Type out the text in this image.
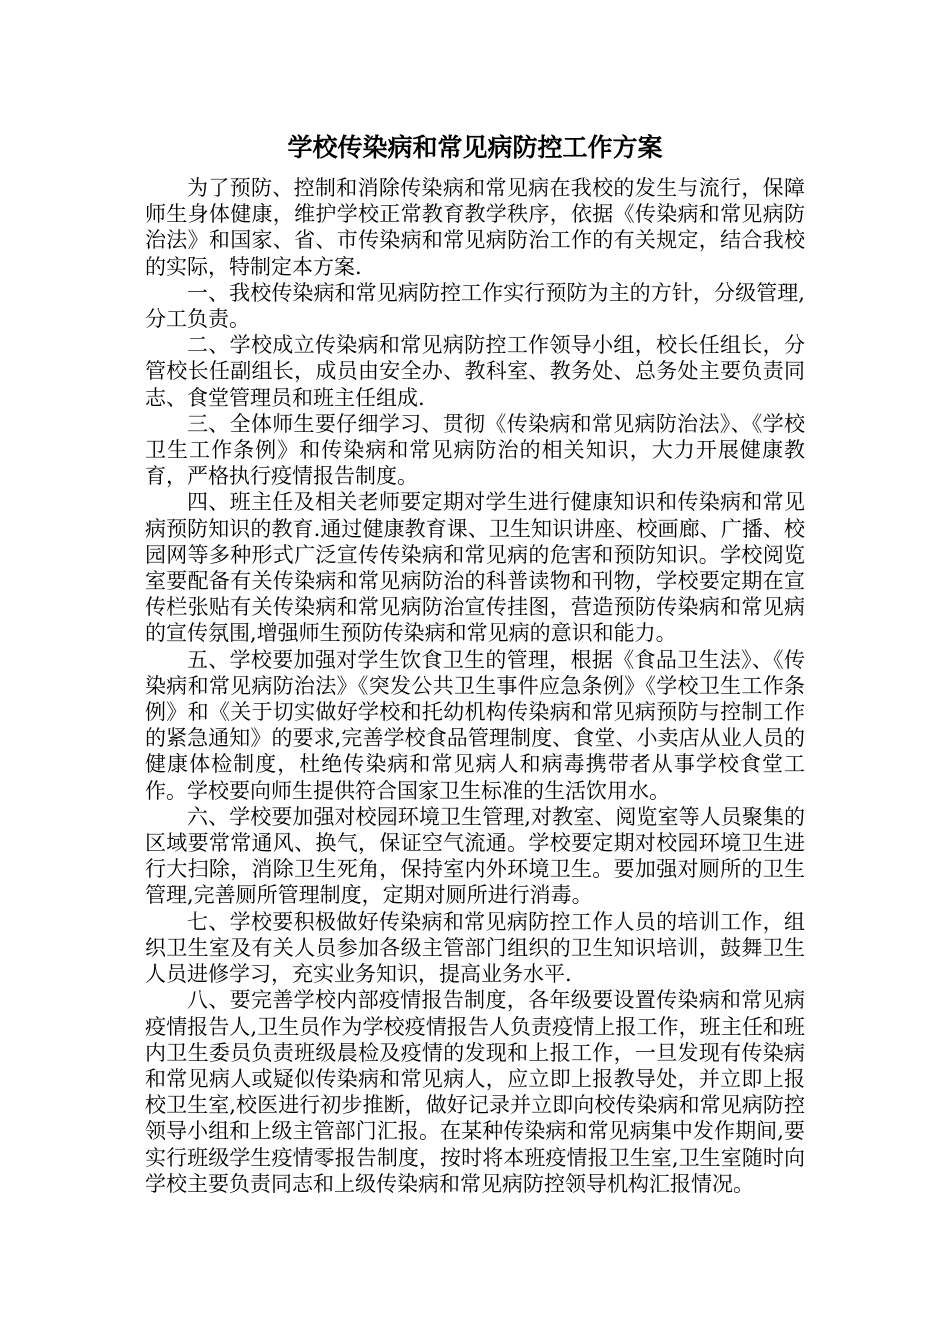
学校传染病和常见病防控工作方案

为了预防、控制和消除传染病和常见病在我校的发生与流行，保障师生身体健康，维护学校正常教育教学秩序，依据《传染病和常见病防治法》和国家、省、市传染病和常见病防治工作的有关规定，结合我校的实际，特制定本方案.

一、我校传染病和常见病防控工作实行预防为主的方针，分级管理,分工负责。

二、学校成立传染病和常见病防控工作领导小组，校长任组长，分管校长任副组长，成员由安全办、教科室、教务处、总务处主要负责同志、食堂管理员和班主任组成.

三、全体师生要仔细学习、贯彻《传染病和常见病防治法》、《学校卫生工作条例》和传染病和常见病防治的相关知识，大力开展健康教育，严格执行疫情报告制度。

四、班主任及相关老师要定期对学生进行健康知识和传染病和常见病预防知识的教育.通过健康教育课、卫生知识讲座、校画廊、广播、校园网等多种形式广泛宣传传染病和常见病的危害和预防知识。学校阅览室要配备有关传染病和常见病防治的科普读物和刊物，学校要定期在宣传栏张贴有关传染病和常见病防治宣传挂图，营造预防传染病和常见病的宣传氛围,增强师生预防传染病和常见病的意识和能力。

五、学校要加强对学生饮食卫生的管理，根据《食品卫生法》、《传染病和常见病防治法》《突发公共卫生事件应急条例》《学校卫生工作条例》和《关于切实做好学校和托幼机构传染病和常见病预防与控制工作的紧急通知》的要求,完善学校食品管理制度、食堂、小卖店从业人员的健康体检制度，杜绝传染病和常见病人和病毒携带者从事学校食堂工作。学校要向师生提供符合国家卫生标准的生活饮用水。

六、学校要加强对校园环境卫生管理,对教室、阅览室等人员聚集的区域要常常通风、换气，保证空气流通。学校要定期对校园环境卫生进行大扫除，消除卫生死角，保持室内外环境卫生。要加强对厕所的卫生管理,完善厕所管理制度，定期对厕所进行消毒。

七、学校要积极做好传染病和常见病防控工作人员的培训工作，组织卫生室及有关人员参加各级主管部门组织的卫生知识培训，鼓舞卫生人员进修学习，充实业务知识，提高业务水平.

八、要完善学校内部疫情报告制度，各年级要设置传染病和常见病疫情报告人,卫生员作为学校疫情报告人负责疫情上报工作，班主任和班内卫生委员负责班级晨检及疫情的发现和上报工作，一旦发现有传染病和常见病人或疑似传染病和常见病人，应立即上报教导处，并立即上报校卫生室,校医进行初步推断，做好记录并立即向校传染病和常见病防控领导小组和上级主管部门汇报。在某种传染病和常见病集中发作期间,要实行班级学生疫情零报告制度，按时将本班疫情报卫生室,卫生室随时向学校主要负责同志和上级传染病和常见病防控领导机构汇报情况。
